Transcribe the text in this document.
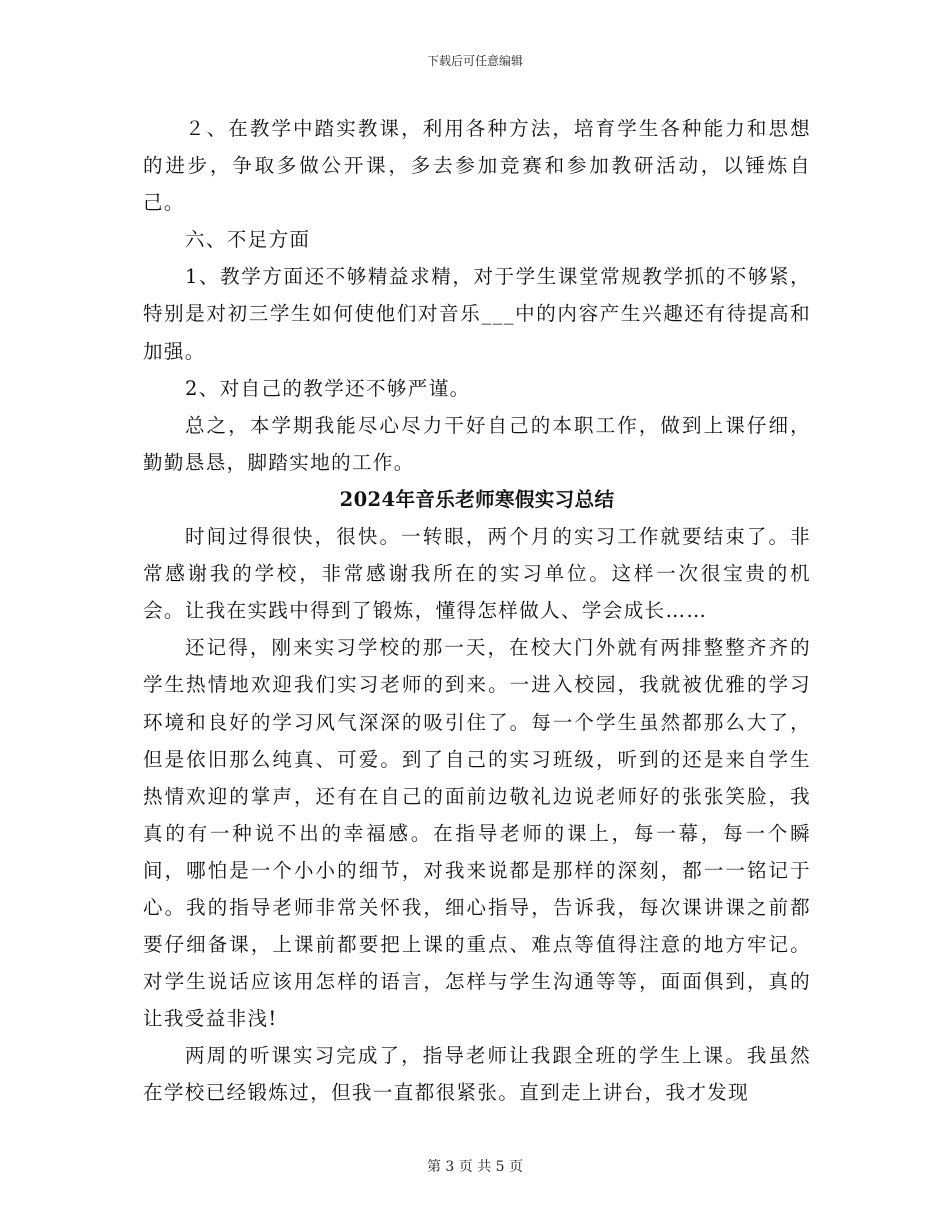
下载后可任意编辑

２、在教学中踏实教课，利用各种方法，培育学生各种能力和思想的进步，争取多做公开课，多去参加竞赛和参加教研活动，以锤炼自己。

六、不足方面

1、教学方面还不够精益求精，对于学生课堂常规教学抓的不够紧，特别是对初三学生如何使他们对音乐___中的内容产生兴趣还有待提高和加强。

2、对自己的教学还不够严谨。

总之，本学期我能尽心尽力干好自己的本职工作，做到上课仔细，勤勤恳恳，脚踏实地的工作。

2024年音乐老师寒假实习总结

时间过得很快，很快。一转眼，两个月的实习工作就要结束了。非常感谢我的学校，非常感谢我所在的实习单位。这样一次很宝贵的机会。让我在实践中得到了锻炼，懂得怎样做人、学会成长……

还记得，刚来实习学校的那一天，在校大门外就有两排整整齐齐的学生热情地欢迎我们实习老师的到来。一进入校园，我就被优雅的学习环境和良好的学习风气深深的吸引住了。每一个学生虽然都那么大了，但是依旧那么纯真、可爱。到了自己的实习班级，听到的还是来自学生热情欢迎的掌声，还有在自己的面前边敬礼边说老师好的张张笑脸，我真的有一种说不出的幸福感。在指导老师的课上，每一幕，每一个瞬间，哪怕是一个小小的细节，对我来说都是那样的深刻，都一一铭记于心。我的指导老师非常关怀我，细心指导，告诉我，每次课讲课之前都要仔细备课，上课前都要把上课的重点、难点等值得注意的地方牢记。对学生说话应该用怎样的语言，怎样与学生沟通等等，面面俱到，真的让我受益非浅!

两周的听课实习完成了，指导老师让我跟全班的学生上课。我虽然在学校已经锻炼过，但我一直都很紧张。直到走上讲台，我才发现

第 3 页 共 5 页
